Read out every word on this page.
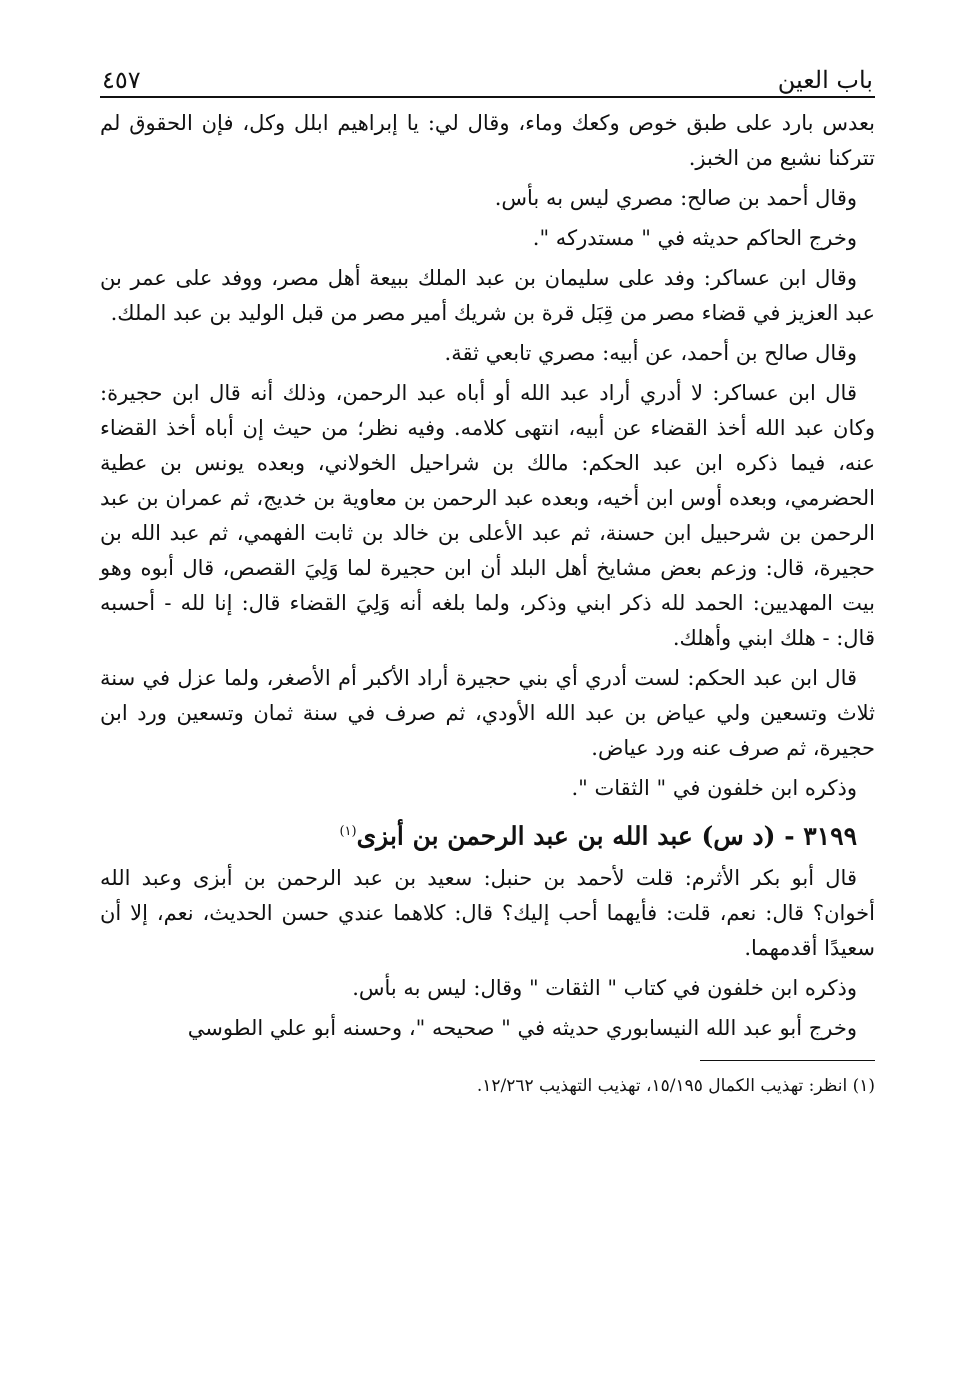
باب العين
٤٥٧

بعدس بارد على طبق خوص وكعك وماء، وقال لي: يا إبراهيم ابلل وكل، فإن الحقوق لم تتركنا نشبع من الخبز.

وقال أحمد بن صالح: مصري ليس به بأس.

وخرج الحاكم حديثه في " مستدركه ".

وقال ابن عساكر: وفد على سليمان بن عبد الملك ببيعة أهل مصر، ووفد على عمر بن عبد العزيز في قضاء مصر من قِبَل قرة بن شريك أمير مصر من قبل الوليد بن عبد الملك.

وقال صالح بن أحمد، عن أبيه: مصري تابعي ثقة.

قال ابن عساكر: لا أدري أراد عبد الله أو أباه عبد الرحمن، وذلك أنه قال ابن حجيرة: وكان عبد الله أخذ القضاء عن أبيه، انتهى كلامه. وفيه نظر؛ من حيث إن أباه أخذ القضاء عنه، فيما ذكره ابن عبد الحكم: مالك بن شراحيل الخولاني، وبعده يونس بن عطية الحضرمي، وبعده أوس ابن أخيه، وبعده عبد الرحمن بن معاوية بن خديج، ثم عمران بن عبد الرحمن بن شرحبيل ابن حسنة، ثم عبد الأعلى بن خالد بن ثابت الفهمي، ثم عبد الله بن حجيرة، قال: وزعم بعض مشايخ أهل البلد أن ابن حجيرة لما وَلِيَ القصص، قال أبوه وهو بيت المهديين: الحمد لله ذكر ابني وذكر، ولما بلغه أنه وَلِيَ القضاء قال: إنا لله - أحسبه قال: - هلك ابني وأهلك.

قال ابن عبد الحكم: لست أدري أي بني حجيرة أراد الأكبر أم الأصغر، ولما عزل في سنة ثلاث وتسعين ولي عياض بن عبد الله الأودي، ثم صرف في سنة ثمان وتسعين ورد ابن حجيرة، ثم صرف عنه ورد عياض.

وذكره ابن خلفون في " الثقات ".

٣١٩٩ - (د س) عبد الله بن عبد الرحمن بن أبزى$^{(١)}$

قال أبو بكر الأثرم: قلت لأحمد بن حنبل: سعيد بن عبد الرحمن بن أبزى وعبد الله أخوان؟ قال: نعم، قلت: فأيهما أحب إليك؟ قال: كلاهما عندي حسن الحديث، نعم، إلا أن سعيدًا أقدمهما.

وذكره ابن خلفون في كتاب " الثقات " وقال: ليس به بأس.

وخرج أبو عبد الله النيسابوري حديثه في " صحيحه "، وحسنه أبو علي الطوسي

(١) انظر: تهذيب الكمال ١٥/١٩٥، تهذيب التهذيب ١٢/٢٦٢.
